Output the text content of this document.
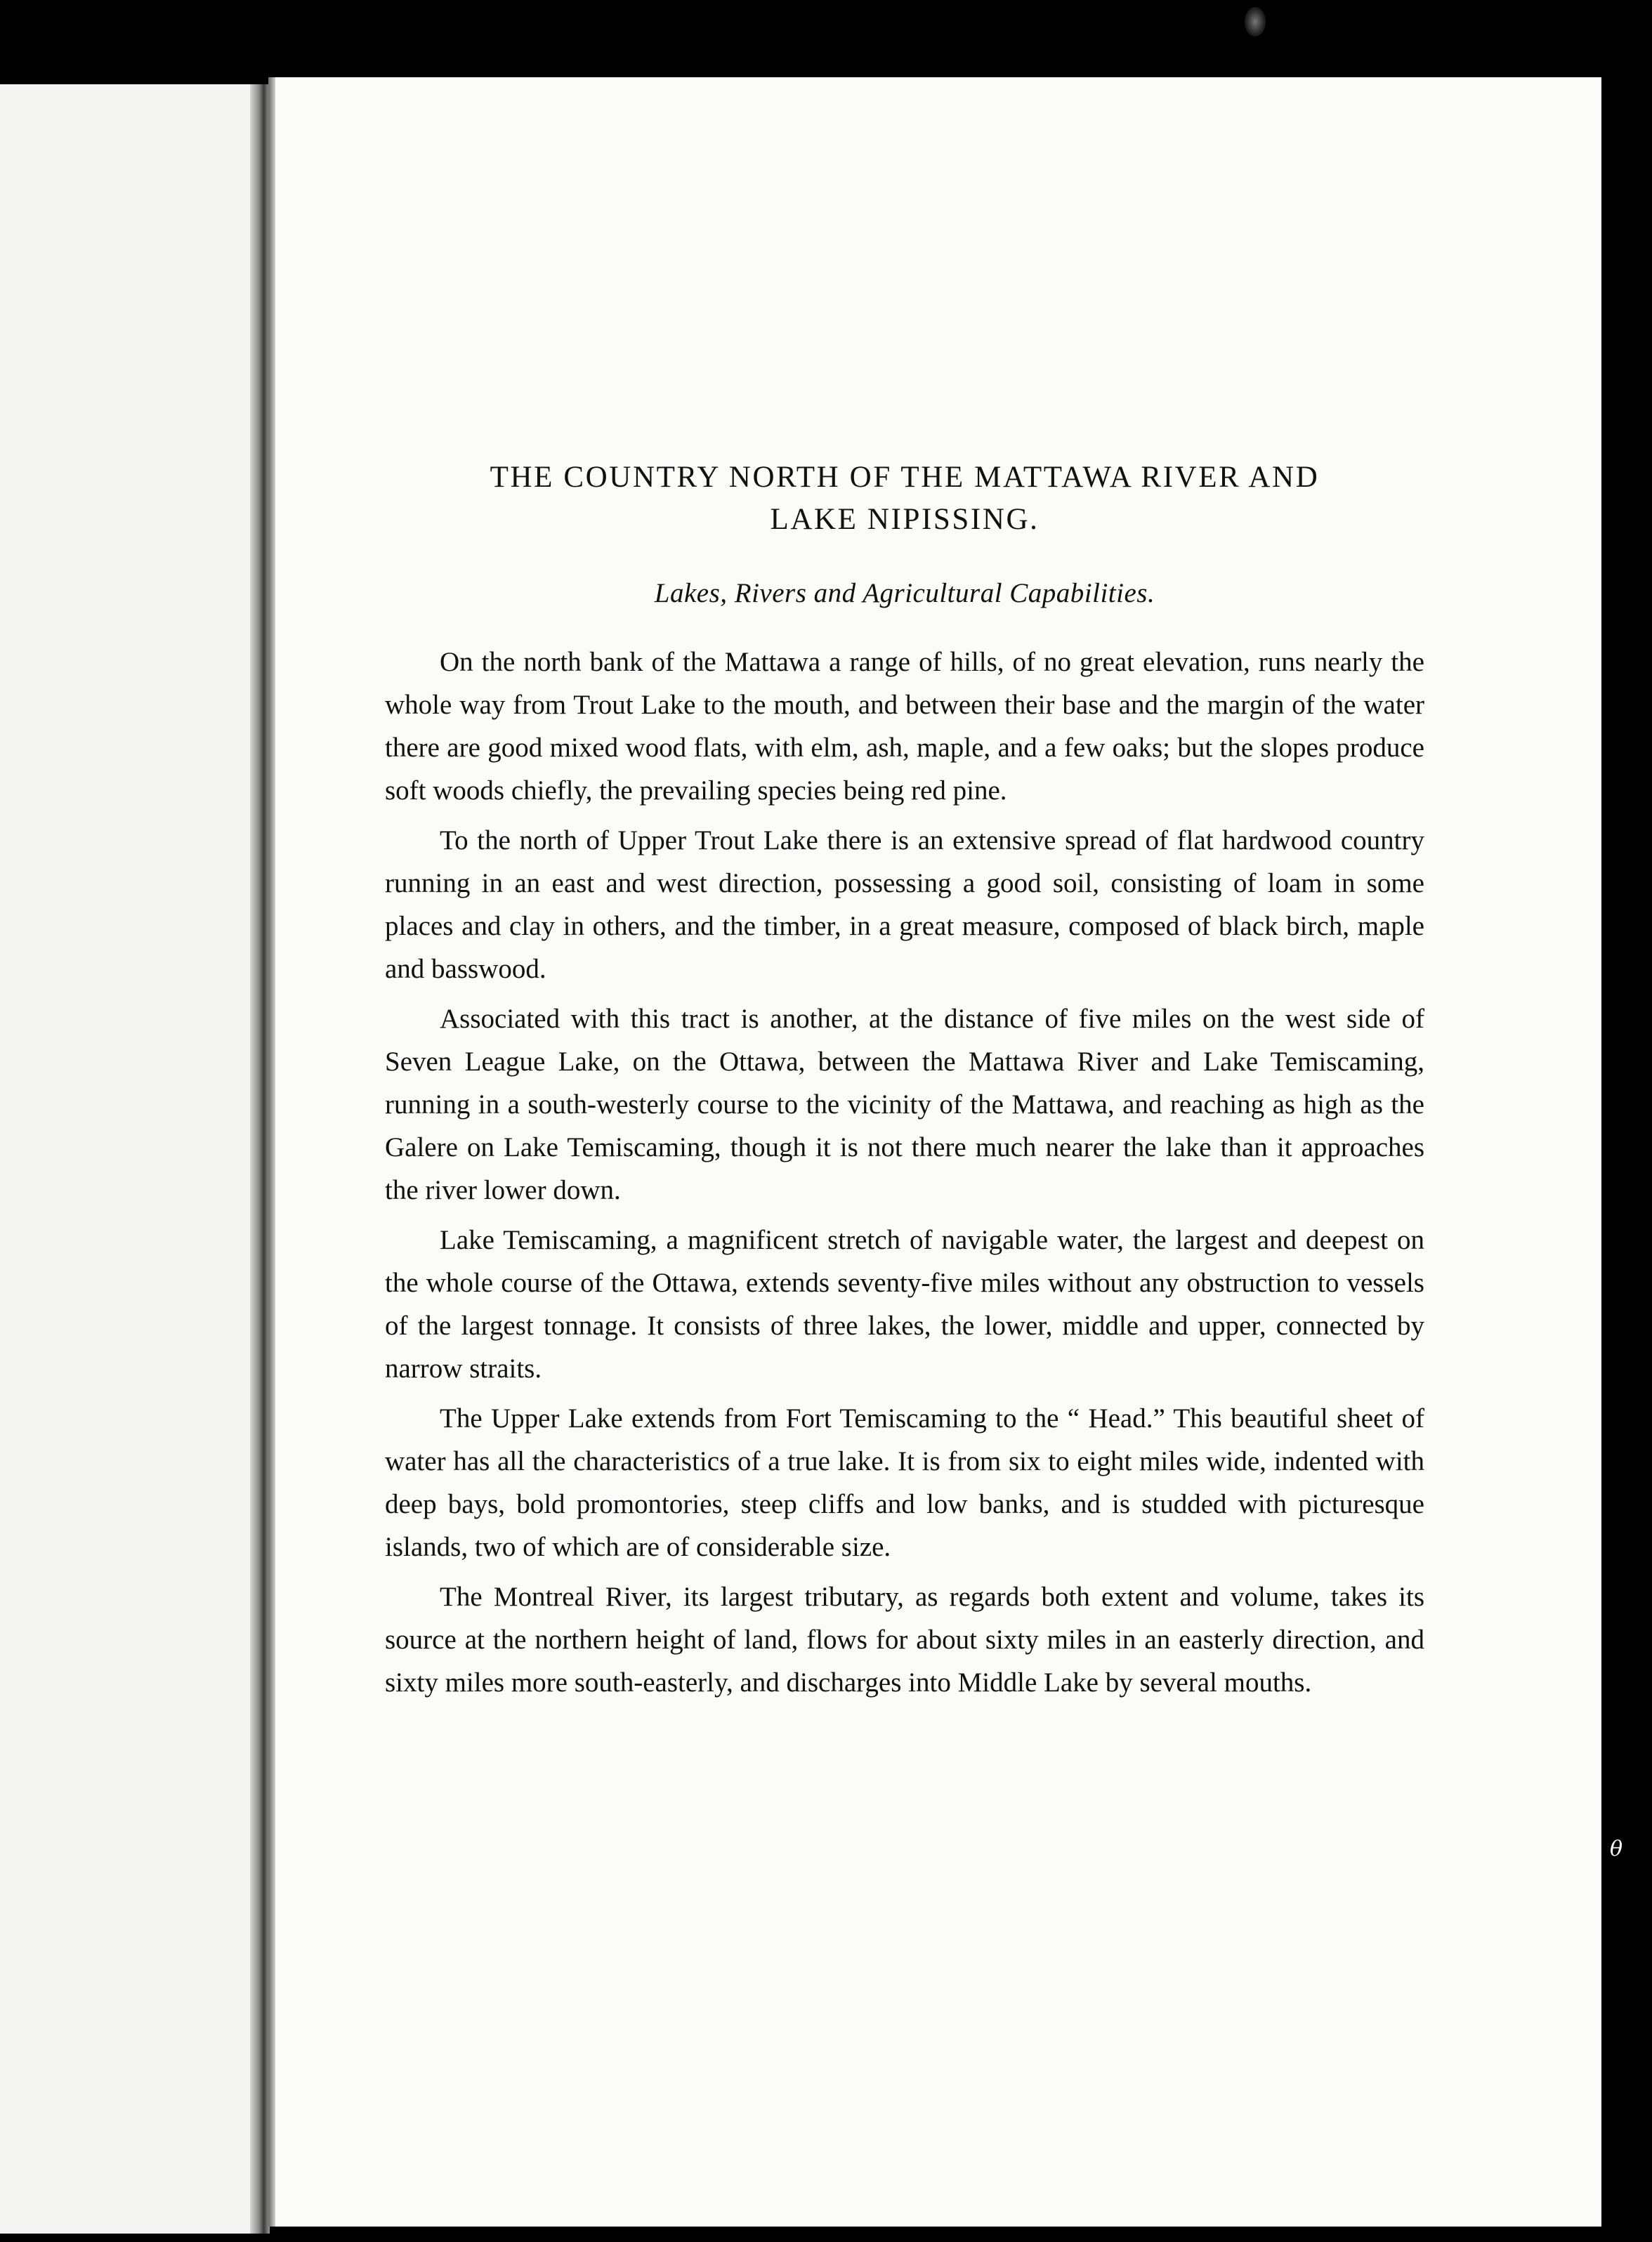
θ
THE COUNTRY NORTH OF THE MATTAWA RIVER AND
LAKE NIPISSING.
Lakes, Rivers and Agricultural Capabilities.

On the north bank of the Mattawa a range of hills, of no great elevation, runs nearly the whole way from Trout Lake to the mouth, and between their base and the margin of the water there are good mixed wood flats, with elm, ash, maple, and a few oaks; but the slopes produce soft woods chiefly, the prevailing species being red pine.

To the north of Upper Trout Lake there is an extensive spread of flat hardwood country running in an east and west direction, possessing a good soil, consisting of loam in some places and clay in others, and the timber, in a great measure, composed of black birch, maple and basswood.

Associated with this tract is another, at the distance of five miles on the west side of Seven League Lake, on the Ottawa, between the Mattawa River and Lake Temiscaming, running in a south-westerly course to the vicinity of the Mattawa, and reaching as high as the Galere on Lake Temiscaming, though it is not there much nearer the lake than it approaches the river lower down.

Lake Temiscaming, a magnificent stretch of navigable water, the largest and deepest on the whole course of the Ottawa, extends seventy-five miles without any obstruction to vessels of the largest tonnage. It consists of three lakes, the lower, middle and upper, connected by narrow straits.

The Upper Lake extends from Fort Temiscaming to the “ Head.” This beautiful sheet of water has all the characteristics of a true lake. It is from six to eight miles wide, indented with deep bays, bold promontories, steep cliffs and low banks, and is studded with picturesque islands, two of which are of considerable size.

The Montreal River, its largest tributary, as regards both extent and volume, takes its source at the northern height of land, flows for about sixty miles in an easterly direction, and sixty miles more south-easterly, and discharges into Middle Lake by several mouths.
